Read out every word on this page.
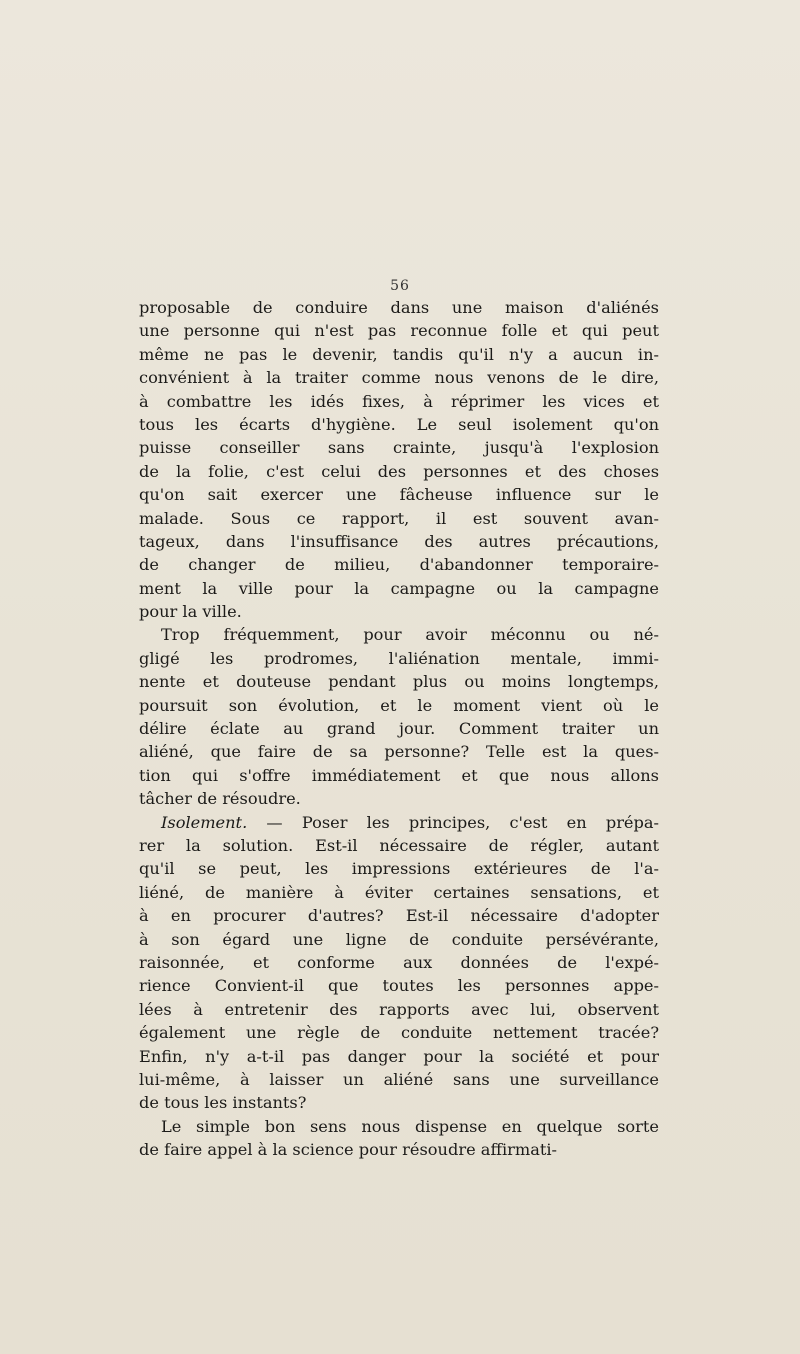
56
proposable de conduire dans une maison d'aliénés
une personne qui n'est pas reconnue folle et qui peut
même ne pas le devenir, tandis qu'il n'y a aucun in-
convénient à la traiter comme nous venons de le dire,
à combattre les idés fixes, à réprimer les vices et
tous les écarts d'hygiène. Le seul isolement qu'on
puisse conseiller sans crainte, jusqu'à l'explosion
de la folie, c'est celui des personnes et des choses
qu'on sait exercer une fâcheuse influence sur le
malade. Sous ce rapport, il est souvent avan-
tageux, dans l'insuffisance des autres précautions,
de changer de milieu, d'abandonner temporaire-
ment la ville pour la campagne ou la campagne
pour la ville.
Trop fréquemment, pour avoir méconnu ou né-
gligé les prodromes, l'aliénation mentale, immi-
nente et douteuse pendant plus ou moins longtemps,
poursuit son évolution, et le moment vient où le
délire éclate au grand jour. Comment traiter un
aliéné, que faire de sa personne? Telle est la ques-
tion qui s'offre immédiatement et que nous allons
tâcher de résoudre.
Isolement. — Poser les principes, c'est en prépa-
rer la solution. Est-il nécessaire de régler, autant
qu'il se peut, les impressions extérieures de l'a-
liéné, de manière à éviter certaines sensations, et
à en procurer d'autres? Est-il nécessaire d'adopter
à son égard une ligne de conduite persévérante,
raisonnée, et conforme aux données de l'expé-
rience Convient-il que toutes les personnes appe-
lées à entretenir des rapports avec lui, observent
également une règle de conduite nettement tracée?
Enfin, n'y a-t-il pas danger pour la société et pour
lui-même, à laisser un aliéné sans une surveillance
de tous les instants?
Le simple bon sens nous dispense en quelque sorte
de faire appel à la science pour résoudre affirmati-
